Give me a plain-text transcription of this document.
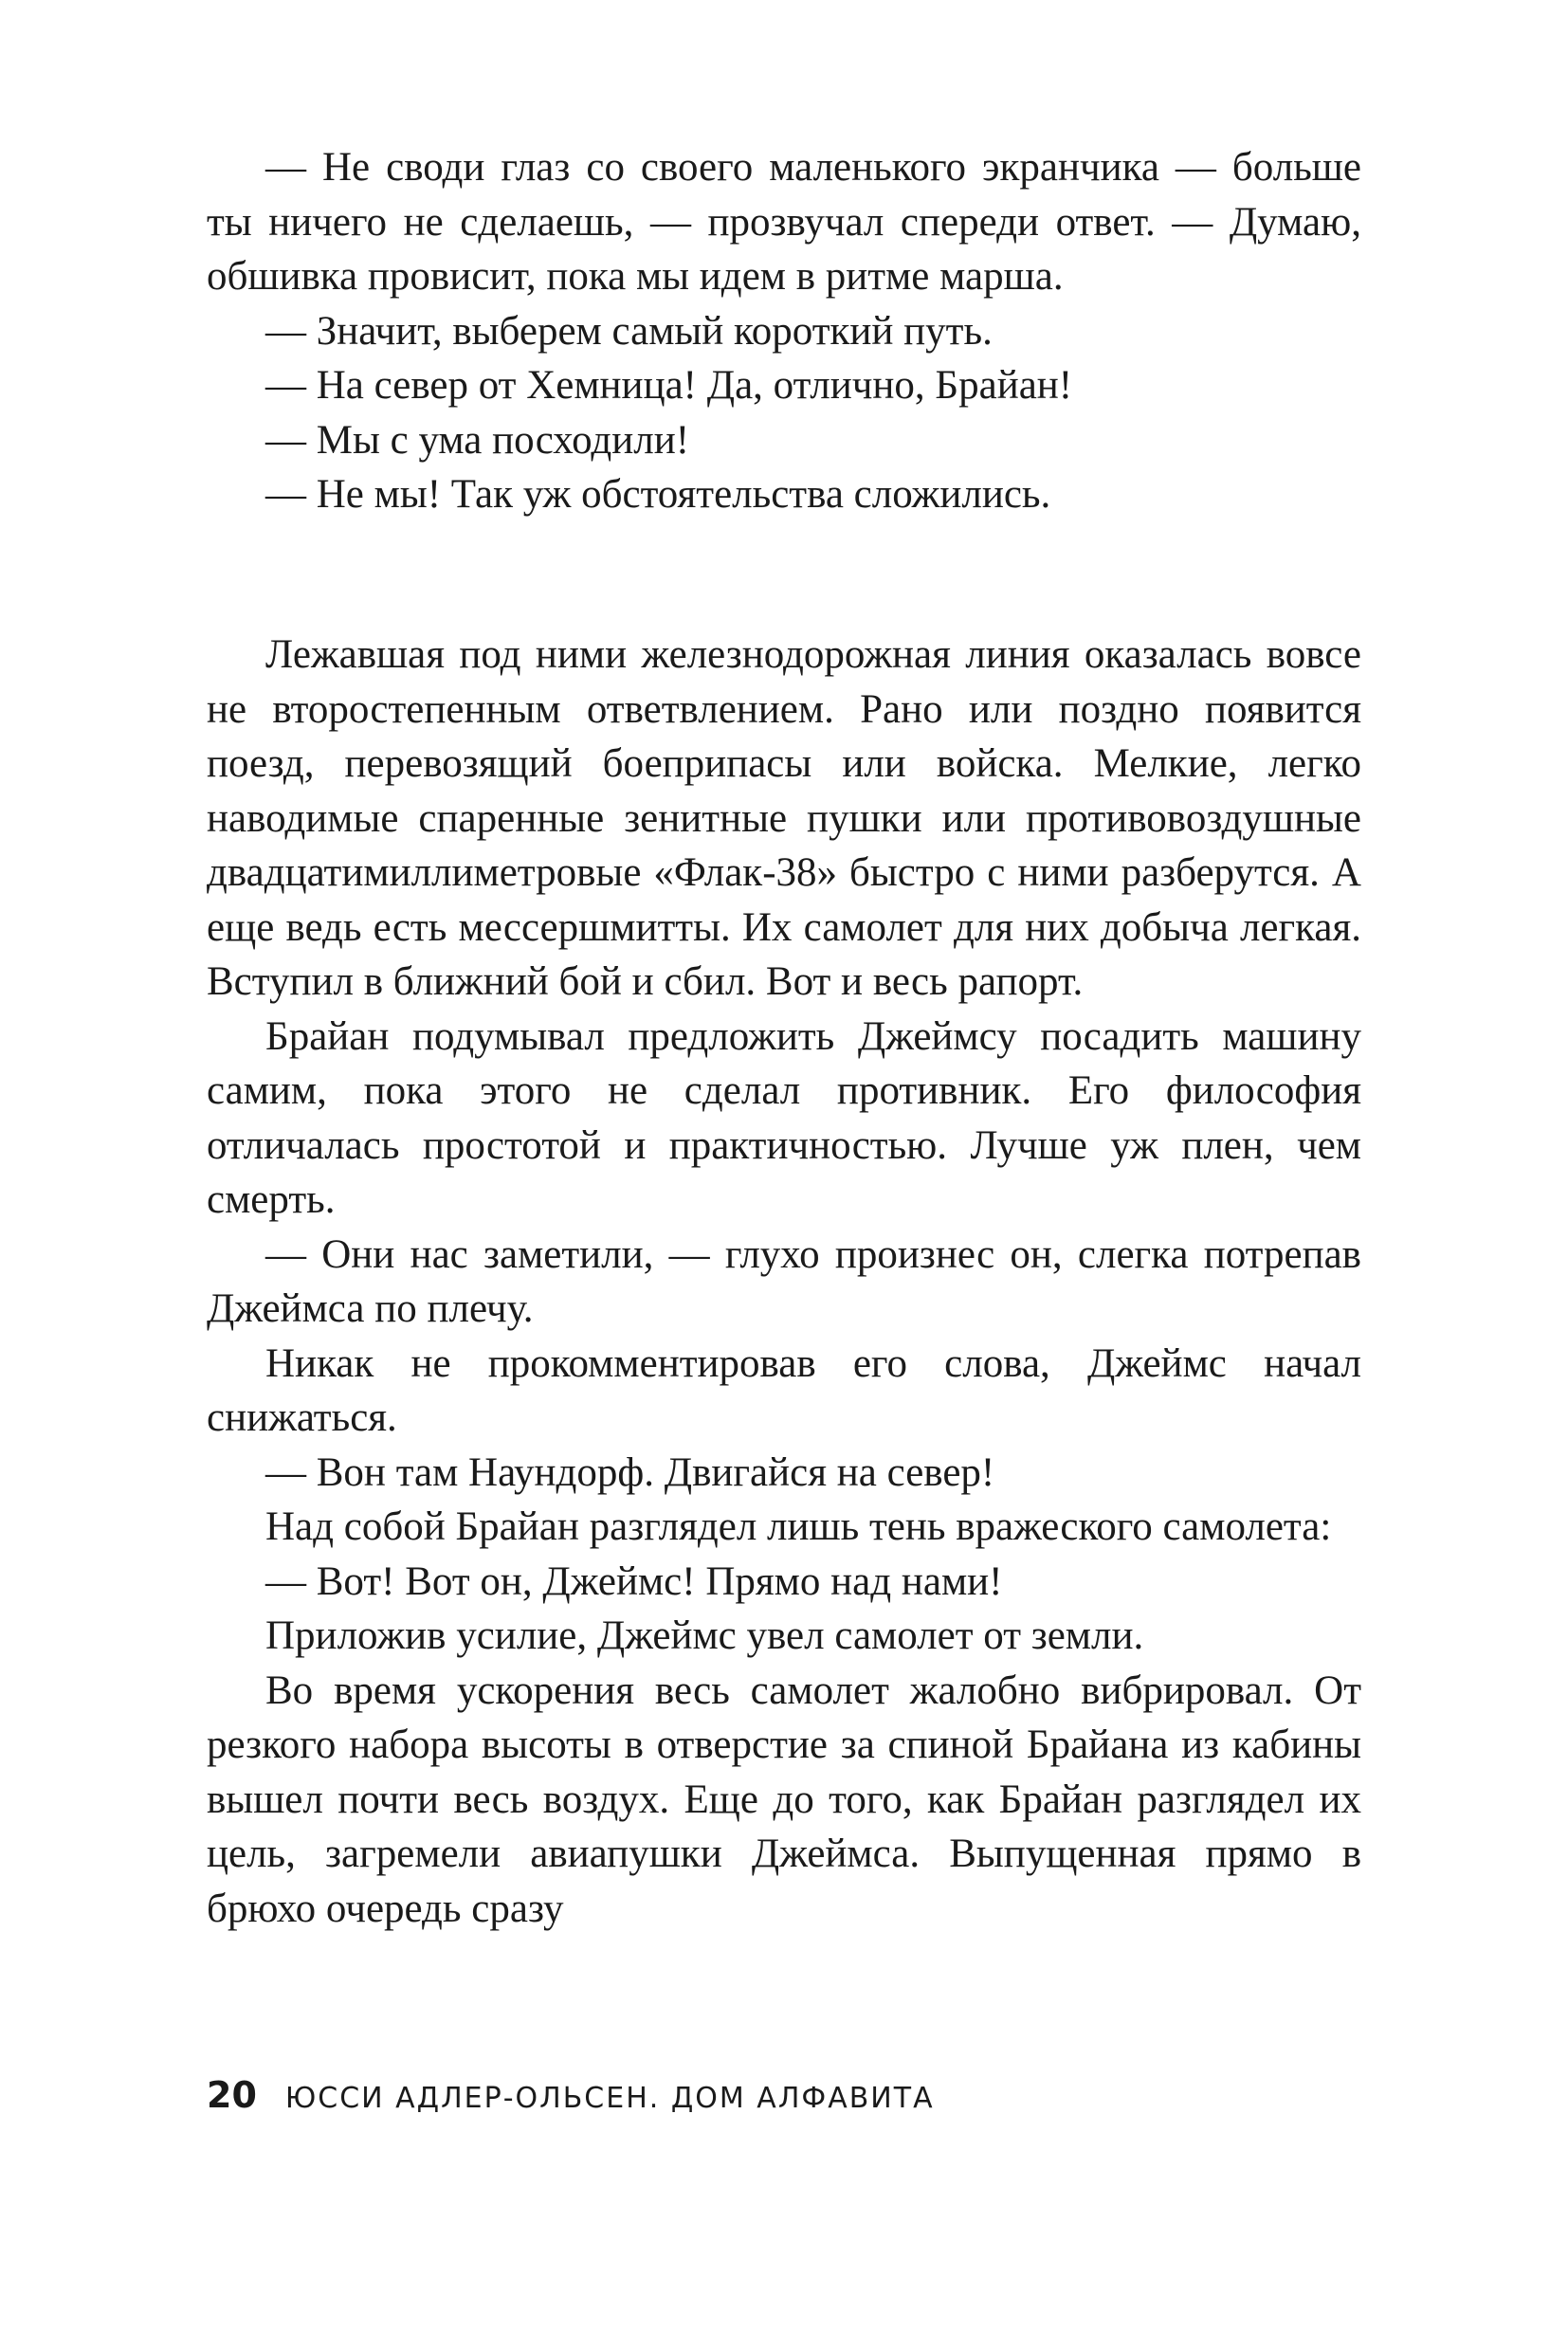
— Не своди глаз со своего маленького экранчика — больше ты ничего не сделаешь, — прозвучал спереди ответ. — Думаю, обшивка провисит, пока мы идем в ритме марша.

— Значит, выберем самый короткий путь.

— На север от Хемница! Да, отлично, Брайан!

— Мы с ума посходили!

— Не мы! Так уж обстоятельства сложились.

Лежавшая под ними железнодорожная линия оказалась вовсе не второстепенным ответвлением. Рано или поздно появится поезд, перевозящий боеприпасы или войска. Мелкие, легко наводимые спаренные зенитные пушки или противовоздушные двадцатимиллиметровые «Флак-38» быстро с ними разберутся. А еще ведь есть мессершмитты. Их самолет для них добыча легкая. Вступил в ближний бой и сбил. Вот и весь рапорт.

Брайан подумывал предложить Джеймсу посадить машину самим, пока этого не сделал противник. Его философия отличалась простотой и практичностью. Лучше уж плен, чем смерть.

— Они нас заметили, — глухо произнес он, слегка потрепав Джеймса по плечу.

Никак не прокомментировав его слова, Джеймс начал снижаться.

— Вон там Наундорф. Двигайся на север!

Над собой Брайан разглядел лишь тень вражеского самолета:

— Вот! Вот он, Джеймс! Прямо над нами!

Приложив усилие, Джеймс увел самолет от земли.

Во время ускорения весь самолет жалобно вибрировал. От резкого набора высоты в отверстие за спиной Брайана из кабины вышел почти весь воздух. Еще до того, как Брайан разглядел их цель, загремели авиапушки Джеймса. Выпущенная прямо в брюхо очередь сразу

20 ЮССИ АДЛЕР-ОЛЬСЕН. ДОМ АЛФАВИТА
